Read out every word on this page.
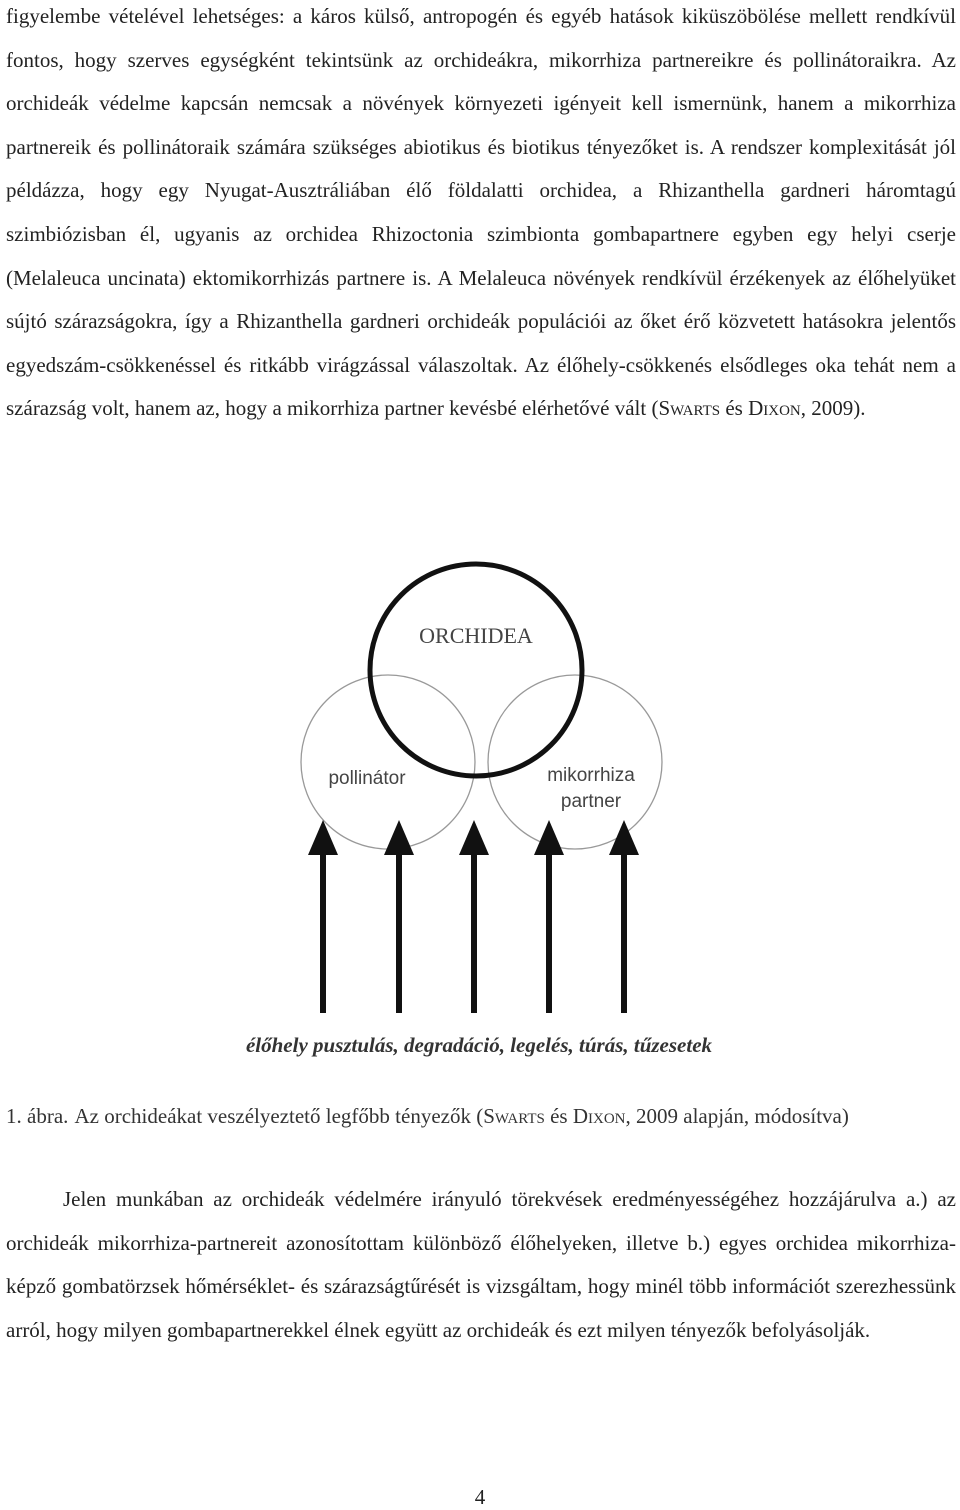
figyelembe vételével lehetséges: a káros külső, antropogén és egyéb hatások kiküszöbölése mellett rendkívül fontos, hogy szerves egységként tekintsünk az orchideákra, mikorrhiza partnereikre és pollinátoraikra. Az orchideák védelme kapcsán nemcsak a növények környezeti igényeit kell ismernünk, hanem a mikorrhiza partnereik és pollinátoraik számára szükséges abiotikus és biotikus tényezőket is. A rendszer komplexitását jól példázza, hogy egy Nyugat-Ausztráliában élő földalatti orchidea, a Rhizanthella gardneri háromtagú szimbiózisban él, ugyanis az orchidea Rhizoctonia szimbionta gombapartnere egyben egy helyi cserje (Melaleuca uncinata) ektomikorrhizás partnere is. A Melaleuca növények rendkívül érzékenyek az élőhelyüket sújtó szárazságokra, így a Rhizanthella gardneri orchideák populációi az őket érő közvetett hatásokra jelentős egyedszám-csökkenéssel és ritkább virágzással válaszoltak. Az élőhely-csökkenés elsődleges oka tehát nem a szárazság volt, hanem az, hogy a mikorrhiza partner kevésbé elérhetővé vált (Swarts és Dixon, 2009).

ORCHIDEA
pollinátor	mikorrhiza
partner
élőhely pusztulás, degradáció, legelés, túrás, tűzesetek

1. ábra. Az orchideákat veszélyeztető legfőbb tényezők (Swarts és Dixon, 2009 alapján, módosítva)

Jelen munkában az orchideák védelmére irányuló törekvések eredményességéhez hozzájárulva a.) az orchideák mikorrhiza-partnereit azonosítottam különböző élőhelyeken, illetve b.) egyes orchidea mikorrhiza-képző gombatörzsek hőmérséklet- és szárazságtűrését is vizsgáltam, hogy minél több információt szerezhessünk arról, hogy milyen gombapartnerekkel élnek együtt az orchideák és ezt milyen tényezők befolyásolják.

4
